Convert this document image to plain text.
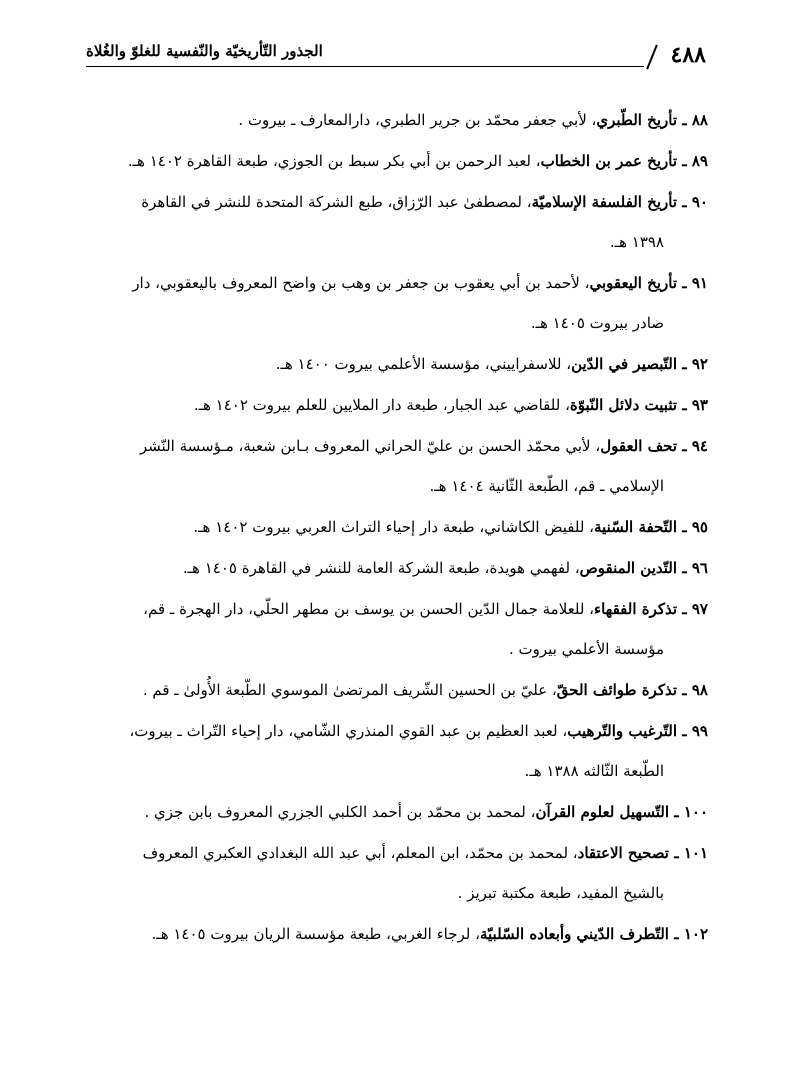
٤٨٨
الجذور التّأريخيّة والنّفسية للغلوّ والغُلاة
٨٨ ـ تأريخ الطّبري، لأبي جعفر محمّد بن جرير الطبري، دارالمعارف ـ بيروت .
٨٩ ـ تأريخ عمر بن الخطاب، لعبد الرحمن بن أبي بكر سبط بن الجوزي، طبعة القاهرة ١٤٠٢ هـ.
٩٠ ـ تأريخ الفلسفة الإسلاميّة، لمصطفىٰ عبد الرّزاق، طبع الشركة المتحدة للنشر في القاهرة
١٣٩٨ هـ.
٩١ ـ تأريخ اليعقوبي، لأحمد بن أبي يعقوب بن جعفر بن وهب بن واضح المعروف باليعقوبي، دار
صادر بيروت ١٤٠٥ هـ.
٩٢ ـ التّبصير في الدّين، للاسفراييني، مؤسسة الأعلمي بيروت ١٤٠٠ هـ.
٩٣ ـ تثبيت دلائل النّبوّة، للقاضي عبد الجبار، طبعة دار الملايين للعلم بيروت ١٤٠٢ هـ.
٩٤ ـ تحف العقول، لأبي محمّد الحسن بن عليّ الحراني المعروف بـابن شعبة، مـؤسسة النّشر
الإسلامي ـ قم، الطّبعة الثّانية ١٤٠٤ هـ.
٩٥ ـ التّحفة السّنية، للفيض الكاشاني، طبعة دار إحياء التراث العربي بيروت ١٤٠٢ هـ.
٩٦ ـ التّدين المنقوص، لفهمي هويدة، طبعة الشركة العامة للنشر في القاهرة ١٤٠٥ هـ.
٩٧ ـ تذكرة الفقهاء، للعلامة جمال الدّين الحسن بن يوسف بن مطهر الحلّي، دار الهجرة ـ قم،
مؤسسة الأعلمي بيروت .
٩٨ ـ تذكرة طوائف الحقّ، عليّ بن الحسين الشّريف المرتضىٰ الموسوي الطّبعة الأُولىٰ ـ قم .
٩٩ ـ التّرغيب والتّرهيب، لعبد العظيم بن عبد القوي المنذري الشّامي، دار إحياء التّراث ـ بيروت،
الطّبعة الثّالثه ١٣٨٨ هـ.
١٠٠ ـ التّسهيل لعلوم القرآن، لمحمد بن محمّد بن أحمد الكلبي الجزري المعروف بابن جزي .
١٠١ ـ تصحيح الاعتقاد، لمحمد بن محمّد، ابن المعلم، أبي عبد الله البغدادي العكبري المعروف
بالشيخ المفيد، طبعة مكتبة تبريز .
١٠٢ ـ التّطرف الدّيني وأبعاده السّلبيّة، لرجاء الغربي، طبعة مؤسسة الريان بيروت ١٤٠٥ هـ.
